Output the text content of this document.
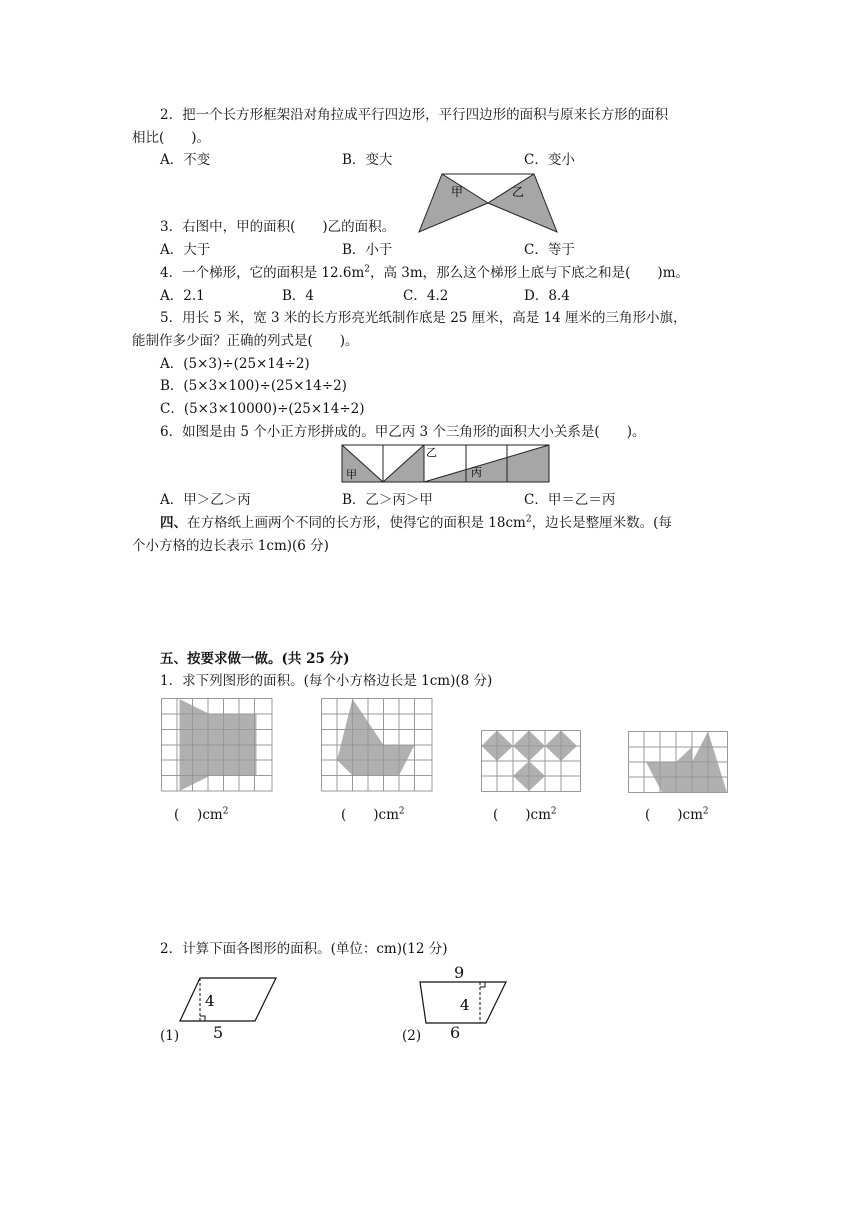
2．把一个长方形框架沿对角拉成平行四边形，平行四边形的面积与原来长方形的面积
相比(　　)。
A．不变	B．变大	C．变小
甲	乙
3．右图中，甲的面积(　　)乙的面积。
A．大于	B．小于	C．等于
4．一个梯形，它的面积是 $12.6m^2$，高 3m，那么这个梯形上底与下底之和是(　　)m。
A．2.1	B．4	C．4.2	D．8.4
5．用长 5 米，宽 3 米的长方形亮光纸制作底是 25 厘米，高是 14 厘米的三角形小旗，
能制作多少面？正确的列式是(　　)。
A．(5×3)÷(25×14÷2)
B．(5×3×100)÷(25×14÷2)
C．(5×3×10000)÷(25×14÷2)
6．如图是由 5 个小正方形拼成的。甲乙丙 3 个三角形的面积大小关系是(　　)。
甲
乙
丙
A．甲＞乙＞丙	B．乙＞丙＞甲	C．甲＝乙＝丙
四、在方格纸上画两个不同的长方形，使得它的面积是 $18cm^2$，边长是整厘米数。(每
个小方格的边长表示 1cm)(6 分)
五、按要求做一做。(共 25 分)
1．求下列图形的面积。(每个小方格边长是 1cm)(8 分)
(　 )$cm^2$	(　　)$cm^2$	(　　)$cm^2$	(　　)$cm^2$
2．计算下面各图形的面积。(单位：cm)(12 分)
4
(1) 5
9
4
(2) 6
